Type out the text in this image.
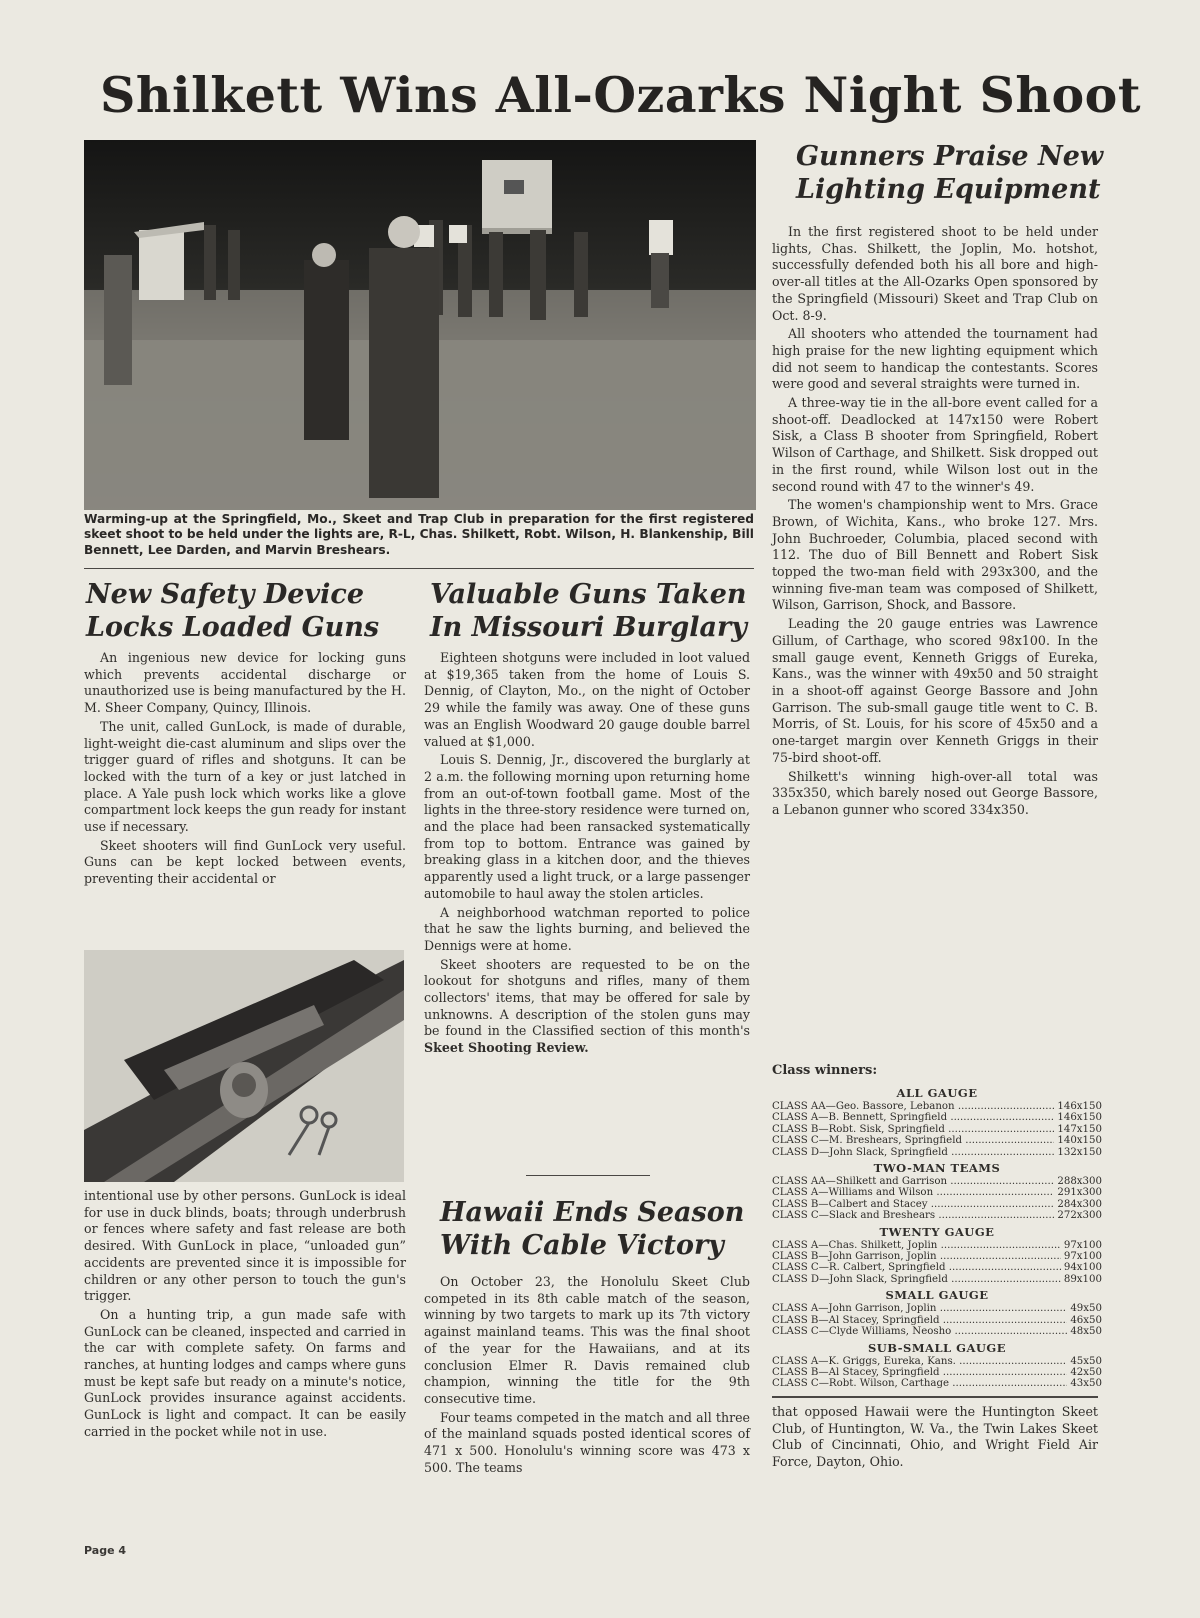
Shilkett Wins All-Ozarks Night Shoot

Warming-up at the Springfield, Mo., Skeet and Trap Club in preparation for the first registered skeet shoot to be held under the lights are, R-L, Chas. Shilkett, Robt. Wilson, H. Blankenship, Bill Bennett, Lee Darden, and Marvin Breshears.

New Safety Device
Locks Loaded Guns

An ingenious new device for locking guns which prevents accidental discharge or unauthorized use is being manufactured by the H. M. Sheer Company, Quincy, Illinois.

The unit, called GunLock, is made of durable, light-weight die-cast aluminum and slips over the trigger guard of rifles and shotguns. It can be locked with the turn of a key or just latched in place. A Yale push lock which works like a glove compartment lock keeps the gun ready for instant use if necessary.

Skeet shooters will find GunLock very useful. Guns can be kept locked between events, preventing their accidental or

intentional use by other persons. GunLock is ideal for use in duck blinds, boats; through underbrush or fences where safety and fast release are both desired. With GunLock in place, “unloaded gun” accidents are prevented since it is impossible for children or any other person to touch the gun's trigger.

On a hunting trip, a gun made safe with GunLock can be cleaned, inspected and carried in the car with complete safety. On farms and ranches, at hunting lodges and camps where guns must be kept safe but ready on a minute's notice, GunLock provides insurance against accidents. GunLock is light and compact. It can be easily carried in the pocket while not in use.

Valuable Guns Taken
In Missouri Burglary

Eighteen shotguns were included in loot valued at $19,365 taken from the home of Louis S. Dennig, of Clayton, Mo., on the night of October 29 while the family was away. One of these guns was an English Woodward 20 gauge double barrel valued at $1,000.

Louis S. Dennig, Jr., discovered the burglarly at 2 a.m. the following morning upon returning home from an out-of-town football game. Most of the lights in the three-story residence were turned on, and the place had been ransacked systematically from top to bottom. Entrance was gained by breaking glass in a kitchen door, and the thieves apparently used a light truck, or a large passenger automobile to haul away the stolen articles.

A neighborhood watchman reported to police that he saw the lights burning, and believed the Dennigs were at home.

Skeet shooters are requested to be on the lookout for shotguns and rifles, many of them collectors' items, that may be offered for sale by unknowns. A description of the stolen guns may be found in the Classified section of this month's Skeet Shooting Review.

Hawaii Ends Season
With Cable Victory

On October 23, the Honolulu Skeet Club competed in its 8th cable match of the season, winning by two targets to mark up its 7th victory against mainland teams. This was the final shoot of the year for the Hawaiians, and at its conclusion Elmer R. Davis remained club champion, winning the title for the 9th consecutive time.

Four teams competed in the match and all three of the mainland squads posted identical scores of 471 x 500. Honolulu's winning score was 473 x 500. The teams

Gunners Praise New
Lighting Equipment

In the first registered shoot to be held under lights, Chas. Shilkett, the Joplin, Mo. hotshot, successfully defended both his all bore and high-over-all titles at the All-Ozarks Open sponsored by the Springfield (Missouri) Skeet and Trap Club on Oct. 8-9.

All shooters who attended the tournament had high praise for the new lighting equipment which did not seem to handicap the contestants. Scores were good and several straights were turned in.

A three-way tie in the all-bore event called for a shoot-off. Deadlocked at 147x150 were Robert Sisk, a Class B shooter from Springfield, Robert Wilson of Carthage, and Shilkett. Sisk dropped out in the first round, while Wilson lost out in the second round with 47 to the winner's 49.

The women's championship went to Mrs. Grace Brown, of Wichita, Kans., who broke 127. Mrs. John Buchroeder, Columbia, placed second with 112. The duo of Bill Bennett and Robert Sisk topped the two-man field with 293x300, and the winning five-man team was composed of Shilkett, Wilson, Garrison, Shock, and Bassore.

Leading the 20 gauge entries was Lawrence Gillum, of Carthage, who scored 98x100. In the small gauge event, Kenneth Griggs of Eureka, Kans., was the winner with 49x50 and 50 straight in a shoot-off against George Bassore and John Garrison. The sub-small gauge title went to C. B. Morris, of St. Louis, for his score of 45x50 and a one-target margin over Kenneth Griggs in their 75-bird shoot-off.

Shilkett's winning high-over-all total was 335x350, which barely nosed out George Bassore, a Lebanon gunner who scored 334x350.

Class winners:
ALL GAUGE
CLASS AA—Geo. Bassore, Lebanon .....	146x150
CLASS A—B. Bennett, Springfield .....	146x150
CLASS B—Robt. Sisk, Springfield .....	147x150
CLASS C—M. Breshears, Springfield .....	140x150
CLASS D—John Slack, Springfield .....	132x150
TWO-MAN TEAMS
CLASS AA—Shilkett and Garrison .....	288x300
CLASS A—Williams and Wilson .....	291x300
CLASS B—Calbert and Stacey .....	284x300
CLASS C—Slack and Breshears .....	272x300
TWENTY GAUGE
CLASS A—Chas. Shilkett, Joplin .....	97x100
CLASS B—John Garrison, Joplin .....	97x100
CLASS C—R. Calbert, Springfield .....	94x100
CLASS D—John Slack, Springfield .....	89x100
SMALL GAUGE
CLASS A—John Garrison, Joplin .....	49x50
CLASS B—Al Stacey, Springfield .....	46x50
CLASS C—Clyde Williams, Neosho .....	48x50
SUB-SMALL GAUGE
CLASS A—K. Griggs, Eureka, Kans. .....	45x50
CLASS B—Al Stacey, Springfield .....	42x50
CLASS C—Robt. Wilson, Carthage .....	43x50

that opposed Hawaii were the Huntington Skeet Club, of Huntington, W. Va., the Twin Lakes Skeet Club of Cincinnati, Ohio, and Wright Field Air Force, Dayton, Ohio.

Page 4
